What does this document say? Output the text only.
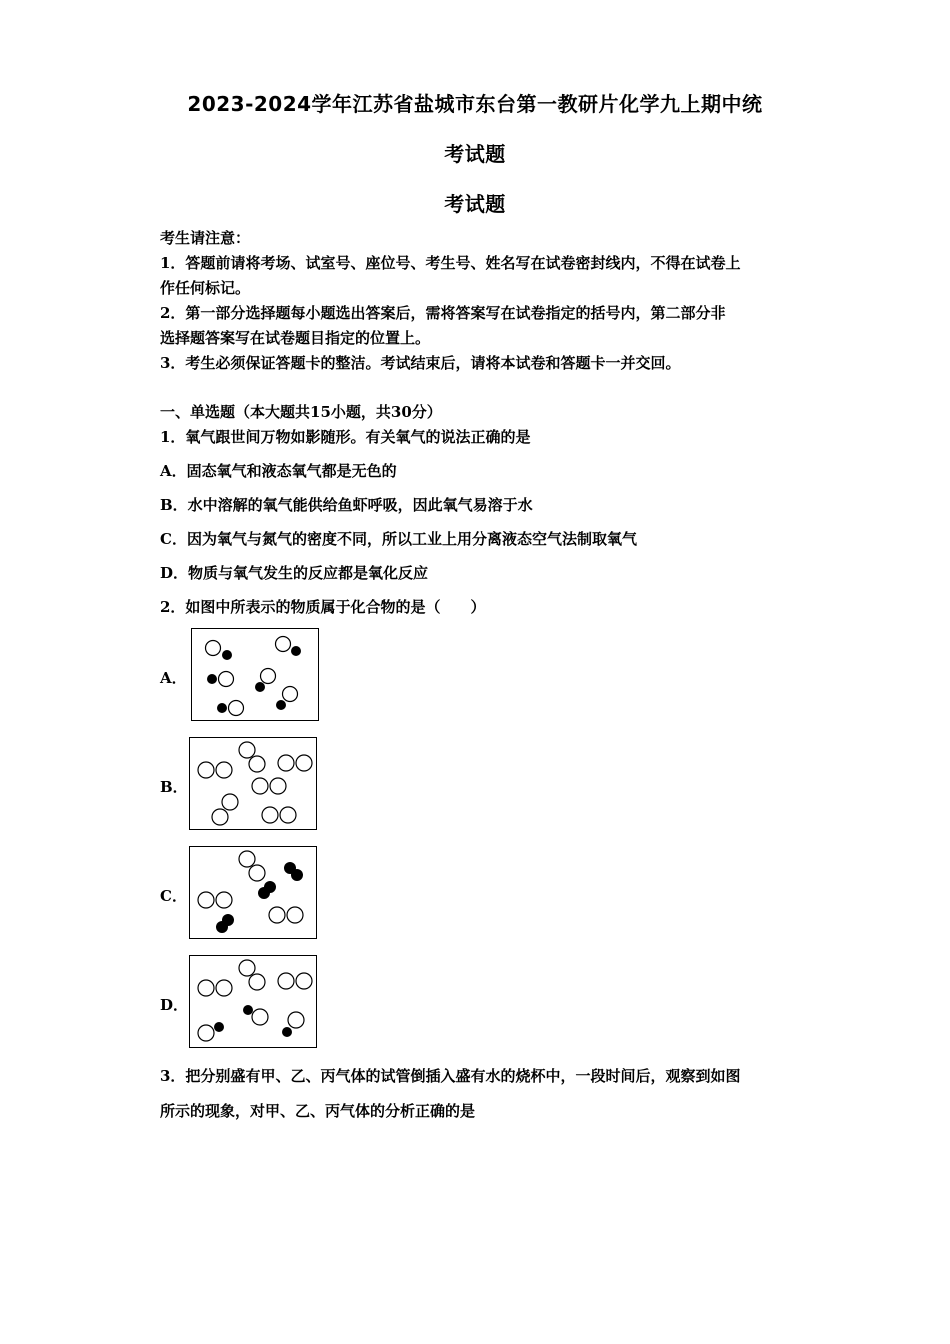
2023-2024学年江苏省盐城市东台第一教研片化学九上期中统
考试题
考试题
考生请注意：
1．答题前请将考场、试室号、座位号、考生号、姓名写在试卷密封线内，不得在试卷上
作任何标记。
2．第一部分选择题每小题选出答案后，需将答案写在试卷指定的括号内，第二部分非
选择题答案写在试卷题目指定的位置上。
3．考生必须保证答题卡的整洁。考试结束后，请将本试卷和答题卡一并交回。
一、单选题（本大题共15小题，共30分）
1．氧气跟世间万物如影随形。有关氧气的说法正确的是
A．固态氧气和液态氧气都是无色的
B．水中溶解的氧气能供给鱼虾呼吸，因此氧气易溶于水
C．因为氧气与氮气的密度不同，所以工业上用分离液态空气法制取氧气
D．物质与氧气发生的反应都是氧化反应
2．如图中所表示的物质属于化合物的是（　　）
A．
B．
C．
D．
3．把分别盛有甲、乙、丙气体的试管倒插入盛有水的烧杯中，一段时间后，观察到如图
所示的现象，对甲、乙、丙气体的分析正确的是
